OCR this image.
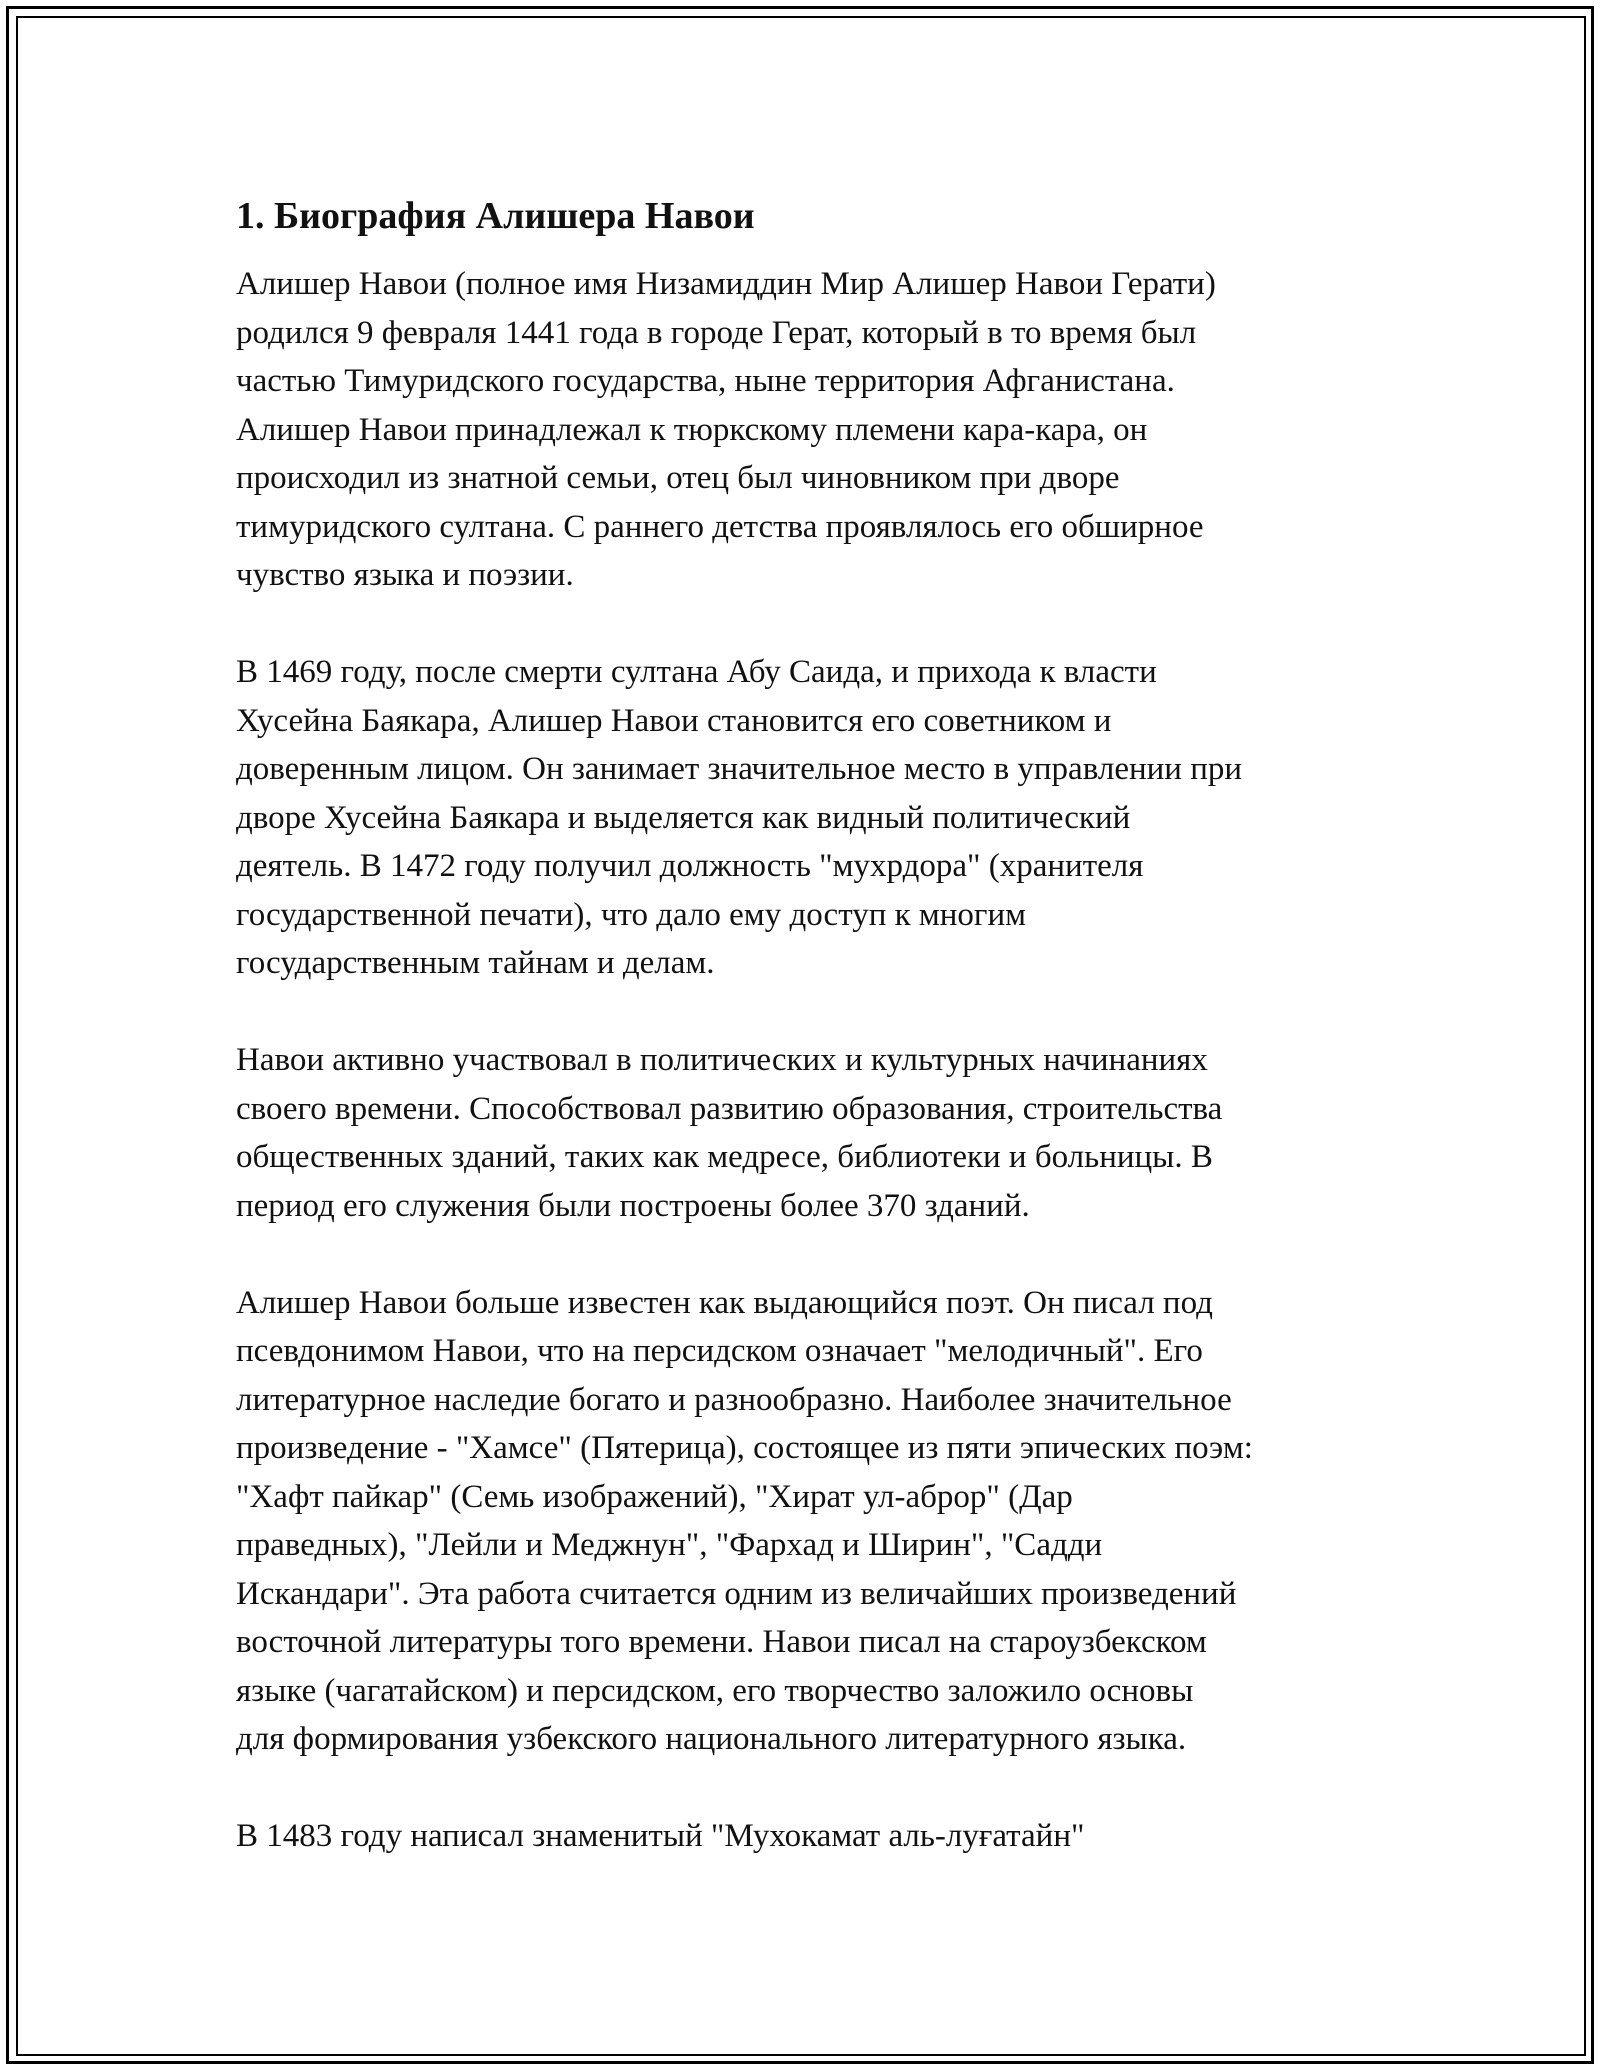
1. Биография Алишера Навои

Алишер Навои (полное имя Низамиддин Мир Алишер Навои Герати)
родился 9 февраля 1441 года в городе Герат, который в то время был
частью Тимуридского государства, ныне территория Афганистана.
Алишер Навои принадлежал к тюркскому племени кара-кара, он
происходил из знатной семьи, отец был чиновником при дворе
тимуридского султана. С раннего детства проявлялось его обширное
чувство языка и поэзии.

В 1469 году, после смерти султана Абу Саида, и прихода к власти
Хусейна Баякара, Алишер Навои становится его советником и
доверенным лицом. Он занимает значительное место в управлении при
дворе Хусейна Баякара и выделяется как видный политический
деятель. В 1472 году получил должность "мухрдора" (хранителя
государственной печати), что дало ему доступ к многим
государственным тайнам и делам.

Навои активно участвовал в политических и культурных начинаниях
своего времени. Способствовал развитию образования, строительства
общественных зданий, таких как медресе, библиотеки и больницы. В
период его служения были построены более 370 зданий.

Алишер Навои больше известен как выдающийся поэт. Он писал под
псевдонимом Навои, что на персидском означает "мелодичный". Его
литературное наследие богато и разнообразно. Наиболее значительное
произведение - "Хамсе" (Пятерица), состоящее из пяти эпических поэм:
"Хафт пайкар" (Семь изображений), "Хират ул-аброр" (Дар
праведных), "Лейли и Меджнун", "Фархад и Ширин", "Садди
Искандари". Эта работа считается одним из величайших произведений
восточной литературы того времени. Навои писал на староузбекском
языке (чагатайском) и персидском, его творчество заложило основы
для формирования узбекского национального литературного языка.

В 1483 году написал знаменитый "Мухокамат аль-луғатайн"
